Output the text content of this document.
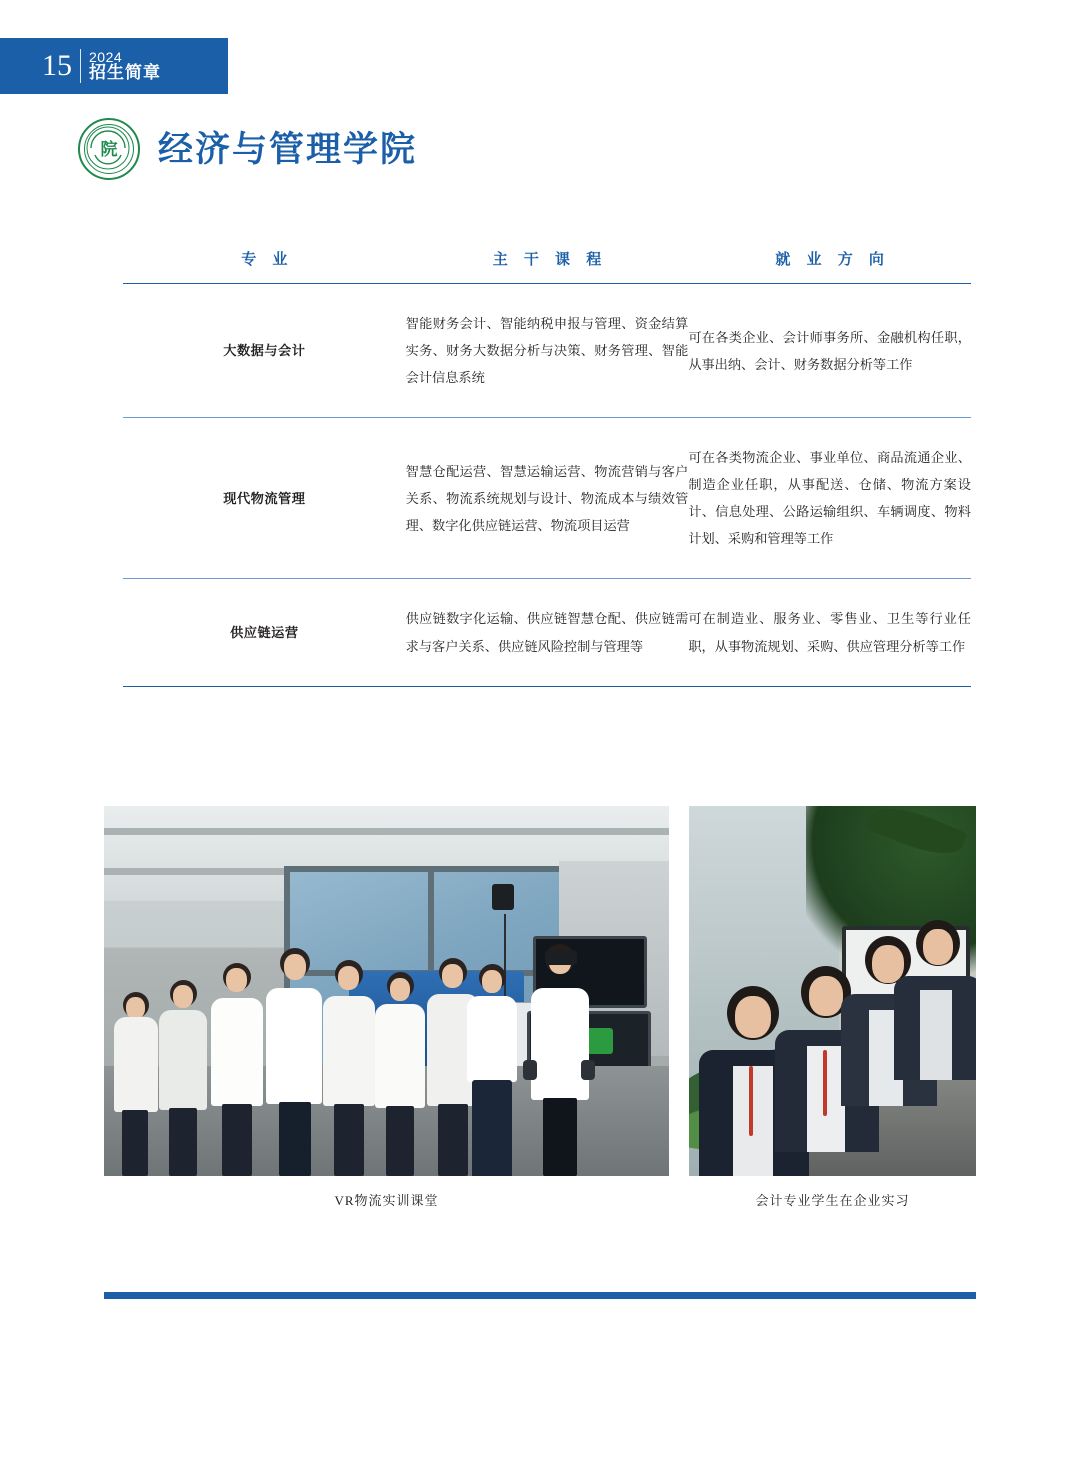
15 2024
招生简章
院 经济与管理学院
专 业	主 干 课 程	就 业 方 向
大数据与会计	智能财务会计、智能纳税申报与管理、资金结算实务、财务大数据分析与决策、财务管理、智能会计信息系统	可在各类企业、会计师事务所、金融机构任职，从事出纳、会计、财务数据分析等工作
现代物流管理	智慧仓配运营、智慧运输运营、物流营销与客户关系、物流系统规划与设计、物流成本与绩效管理、数字化供应链运营、物流项目运营	可在各类物流企业、事业单位、商品流通企业、制造企业任职，从事配送、仓储、物流方案设计、信息处理、公路运输组织、车辆调度、物料计划、采购和管理等工作
供应链运营	供应链数字化运输、供应链智慧仓配、供应链需求与客户关系、供应链风险控制与管理等	可在制造业、服务业、零售业、卫生等行业任职，从事物流规划、采购、供应管理分析等工作
VR物流实训课堂	会计专业学生在企业实习
